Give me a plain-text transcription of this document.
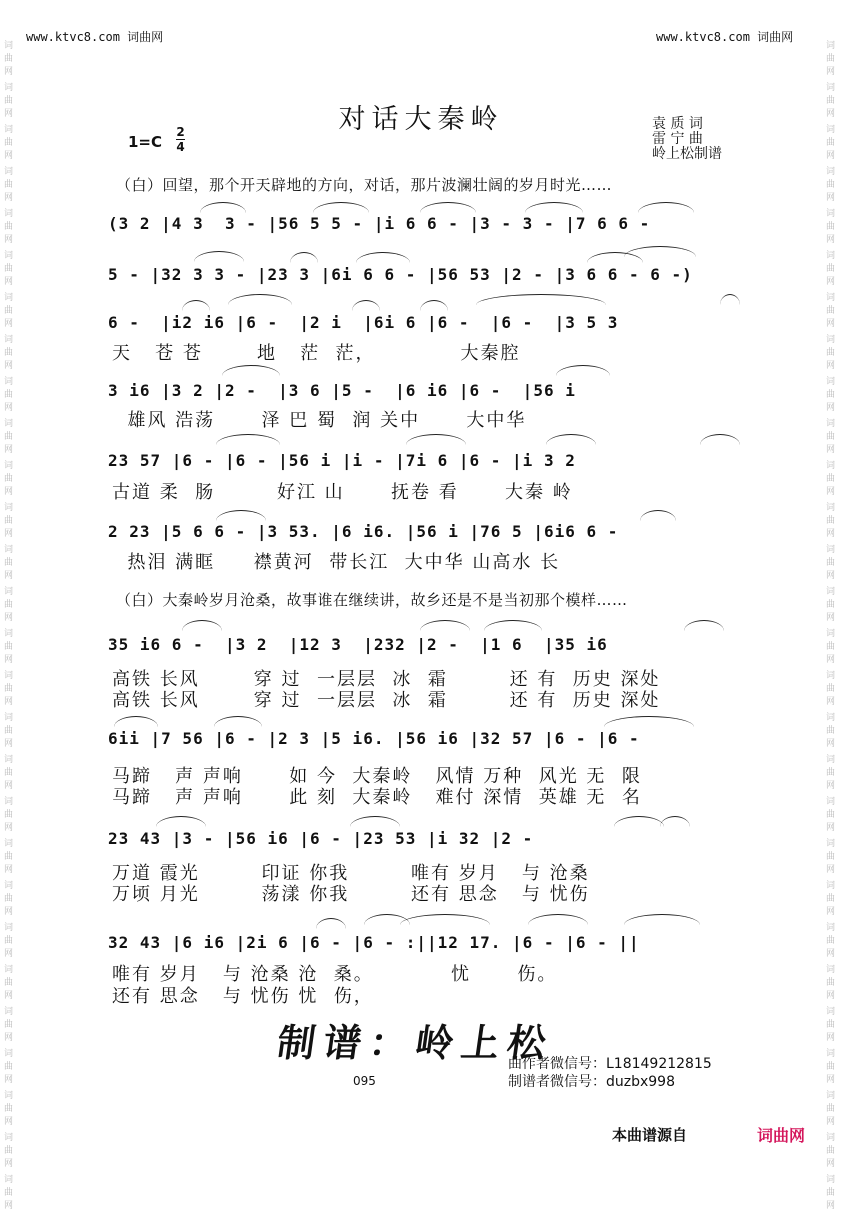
词
曲
网
词
曲
网
词
曲
网
词
曲
网
词
曲
网
词
曲
网
词
曲
网
词
曲
网
词
曲
网
词
曲
网
词
曲
网
词
曲
网
词
曲
网
词
曲
网
词
曲
网
词
曲
网
词
曲
网
词
曲
网
词
曲
网
词
曲
网
词
曲
网
词
曲
网
词
曲
网
词
曲
网
词
曲
网
词
曲
网
词
曲
网
词
曲
网
词
曲
网
词
曲
网
词
曲
网
词
曲
网
词
曲
网
词
曲
网
词
曲
网
词
曲
网
词
曲
网
词
曲
网
词
曲
网
词
曲
网
词
曲
网
词
曲
网
词
曲
网
词
曲
网
词
曲
网
词
曲
网
词
曲
网
词
曲
网
词
曲
网
词
曲
网
词
曲
网
词
曲
网
词
曲
网
词
曲
网
词
曲
网
词
曲
网
www.ktvc8.com 词曲网	www.ktvc8.com 词曲网
对话大秦岭
1=C
2
4
袁 质 词
雷 宁 曲
岭上松制谱
（白）回望，那个开天辟地的方向，对话，那片波澜壮阔的岁月时光……
（白）大秦岭岁月沧桑，故事谁在继续讲，故乡还是不是当初那个模样……
(3 2 |4 3  3 - |56 5 5 - |i 6 6 - |3 - 3 - |7 6 6 -
5 - |32 3 3 - |23 3 |6i 6 6 - |56 53 |2 - |3 6 6 - 6 -)
6 -  |i2 i6 |6 -  |2 i  |6i 6 |6 -  |6 -  |3 5 3
天   苍 苍       地   茫  茫，           大秦腔
3 i6 |3 2 |2 -  |3 6 |5 -  |6 i6 |6 -  |56 i
雄风 浩荡      泽 巴 蜀  润 关中      大中华
23 57 |6 - |6 - |56 i |i - |7i 6 |6 - |i 3 2
古道 柔  肠        好江 山      抚卷 看      大秦 岭
2 23 |5 6 6 - |3 53. |6 i6. |56 i |76 5 |6i6 6 -
热泪 满眶     襟黄河  带长江  大中华 山高水 长
35 i6 6 -  |3 2  |12 3  |232 |2 -  |1 6  |35 i6
高铁 长风       穿 过  一层层  冰  霜        还 有  历史 深处
高铁 长风       穿 过  一层层  冰  霜        还 有  历史 深处
6ii |7 56 |6 - |2 3 |5 i6. |56 i6 |32 57 |6 - |6 -
马蹄   声 声响      如 今  大秦岭   风情 万种  风光 无  限
马蹄   声 声响      此 刻  大秦岭   难付 深情  英雄 无  名
23 43 |3 - |56 i6 |6 - |23 53 |i 32 |2 -
万道 霞光        印证 你我        唯有 岁月   与 沧桑
万顷 月光        荡漾 你我        还有 思念   与 忧伤
32 43 |6 i6 |2i 6 |6 - |6 - :||12 17. |6 - |6 - ||
唯有 岁月   与 沧桑 沧  桑。          忧      伤。
还有 思念   与 忧伤 忧  伤，
制谱：岭上松
曲作者微信号：L18149212815
制谱者微信号：duzbx998
095
本曲谱源自	词曲网
